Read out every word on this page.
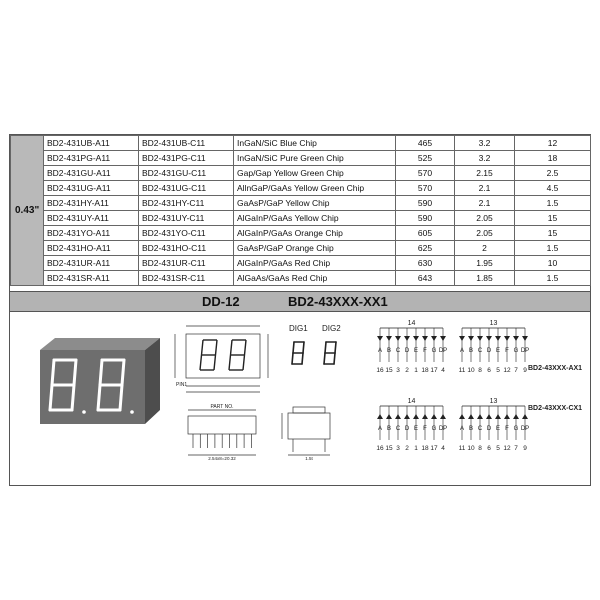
0.43"	BD2-431UB-A11	BD2-431UB-C11	InGaN/SiC Blue Chip	465	3.2	12
	BD2-431PG-A11	BD2-431PG-C11	InGaN/SiC Pure Green Chip	525	3.2	18
	BD2-431GU-A11	BD2-431GU-C11	Gap/Gap Yellow Green Chip	570	2.15	2.5
	BD2-431UG-A11	BD2-431UG-C11	AllnGaP/GaAs Yellow Green Chip	570	2.1	4.5
	BD2-431HY-A11	BD2-431HY-C11	GaAsP/GaP Yellow Chip	590	2.1	1.5
	BD2-431UY-A11	BD2-431UY-C11	AlGaInP/GaAs Yellow Chip	590	2.05	15
	BD2-431YO-A11	BD2-431YO-C11	AlGaInP/GaAs Orange Chip	605	2.05	15
	BD2-431HO-A11	BD2-431HO-C11	GaAsP/GaP Orange Chip	625	2	1.5
	BD2-431UR-A11	BD2-431UR-C11	AlGaInP/GaAs Red Chip	630	1.95	10
	BD2-431SR-A11	BD2-431SR-C11	AlGaAs/GaAs Red Chip	643	1.85	1.5
DD-12	BD2-43XXX-XX1
PIN1
PART NO.
2.54x8=20.32	1.5t
DIG1 DIG2
14
A
16
B
15
C
3
D
2
E
1
F
18
G
17
DP
4
13
A
11
B
10
C
8
D
6
E
5
F
12
G
7
DP
9
14
A
16
B
15
C
3
D
2
E
1
F
18
G
17
DP
4
13
A
11
B
10
C
8
D
6
E
5
F
12
G
7
DP
9
BD2-43XXX-AX1
BD2-43XXX-CX1
